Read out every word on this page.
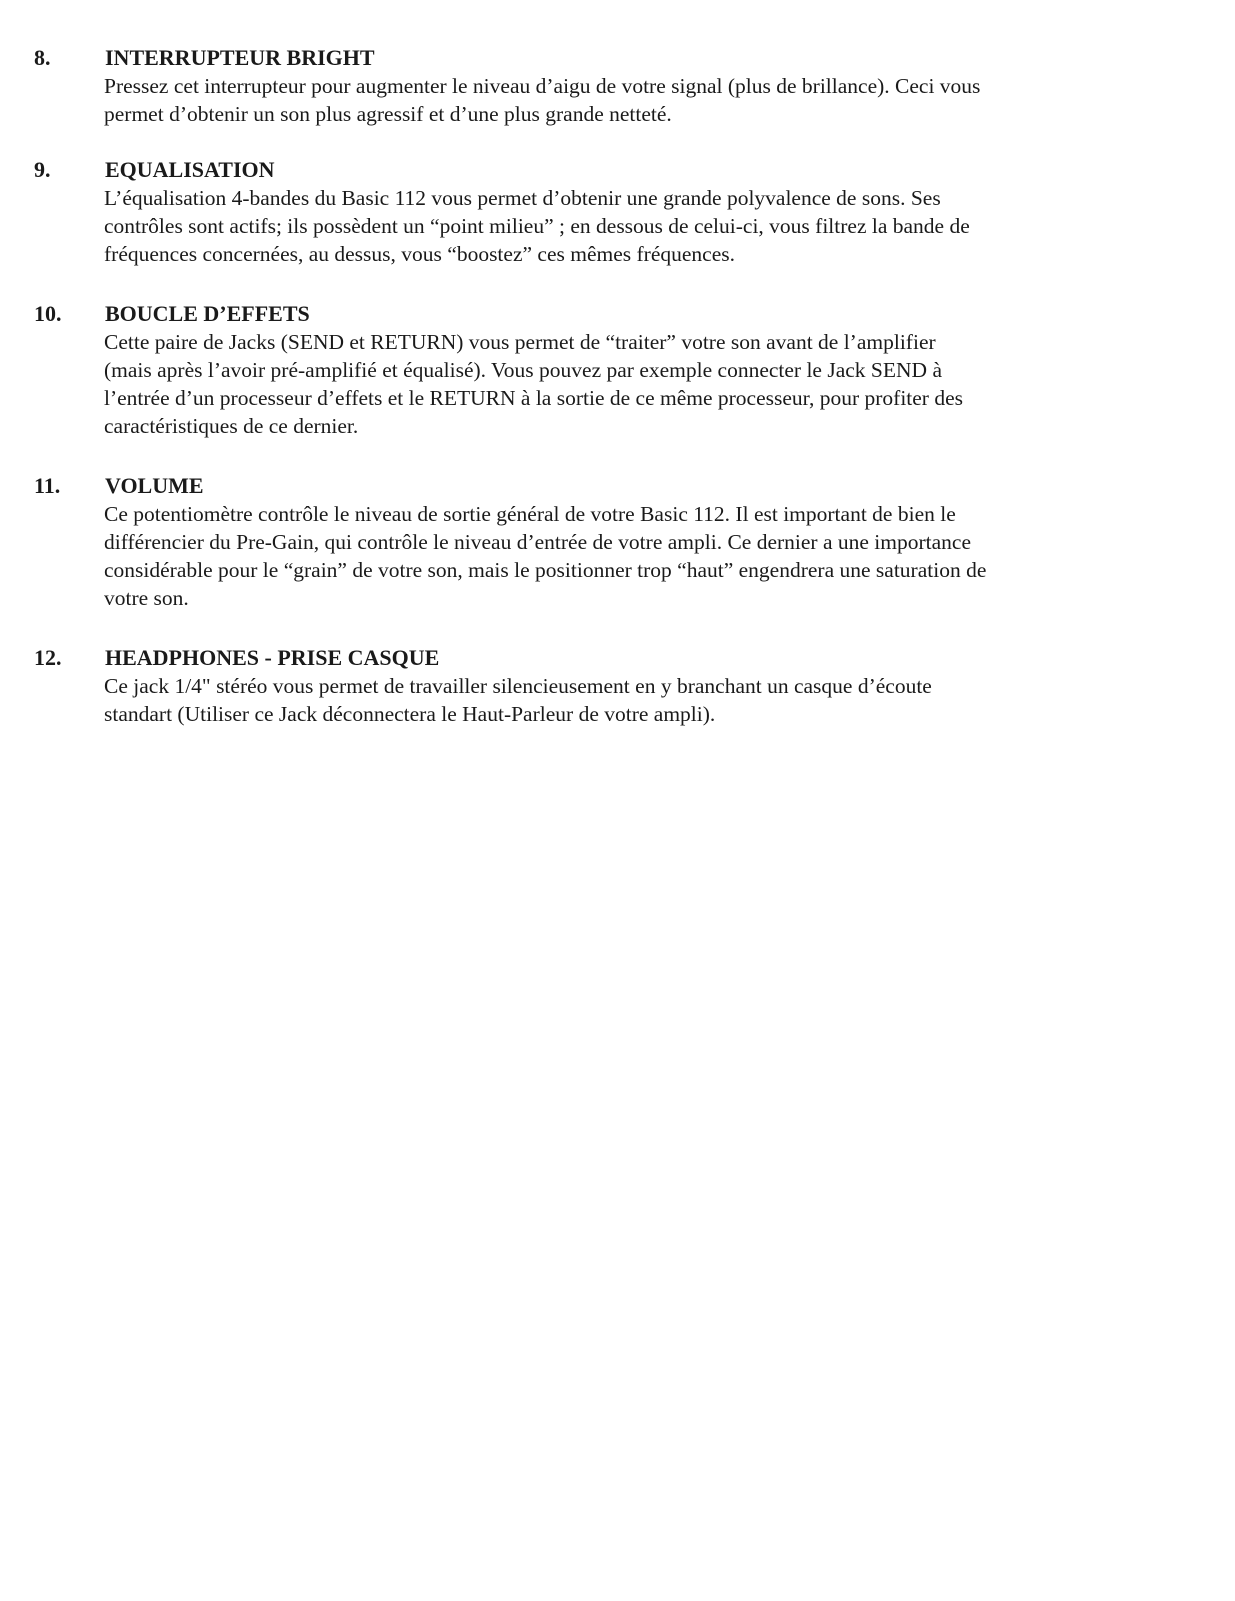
8. INTERRUPTEUR BRIGHT
Pressez cet interrupteur pour augmenter le niveau d’aigu de votre signal (plus de brillance). Ceci vous
permet d’obtenir un son plus agressif et d’une plus grande netteté.
9. EQUALISATION
L’équalisation 4-bandes du Basic 112 vous permet d’obtenir une grande polyvalence de sons. Ses
contrôles sont actifs; ils possèdent un “point milieu” ; en dessous de celui-ci, vous filtrez la bande de
fréquences concernées, au dessus, vous “boostez” ces mêmes fréquences.
10. BOUCLE D’EFFETS
Cette paire de Jacks (SEND et RETURN) vous permet de “traiter” votre son avant de l’amplifier
(mais après l’avoir pré-amplifié et équalisé). Vous pouvez par exemple connecter le Jack SEND à
l’entrée d’un processeur d’effets et le RETURN à la sortie de ce même processeur, pour profiter des
caractéristiques de ce dernier.
11. VOLUME
Ce potentiomètre contrôle le niveau de sortie général de votre Basic 112. Il est important de bien le
différencier du Pre-Gain, qui contrôle le niveau d’entrée de votre ampli. Ce dernier a une importance
considérable pour le “grain” de votre son, mais le positionner trop “haut” engendrera une saturation de
votre son.
12. HEADPHONES - PRISE CASQUE
Ce jack 1/4" stéréo vous permet de travailler silencieusement en y branchant un casque d’écoute
standart (Utiliser ce Jack déconnectera le Haut-Parleur de votre ampli).
